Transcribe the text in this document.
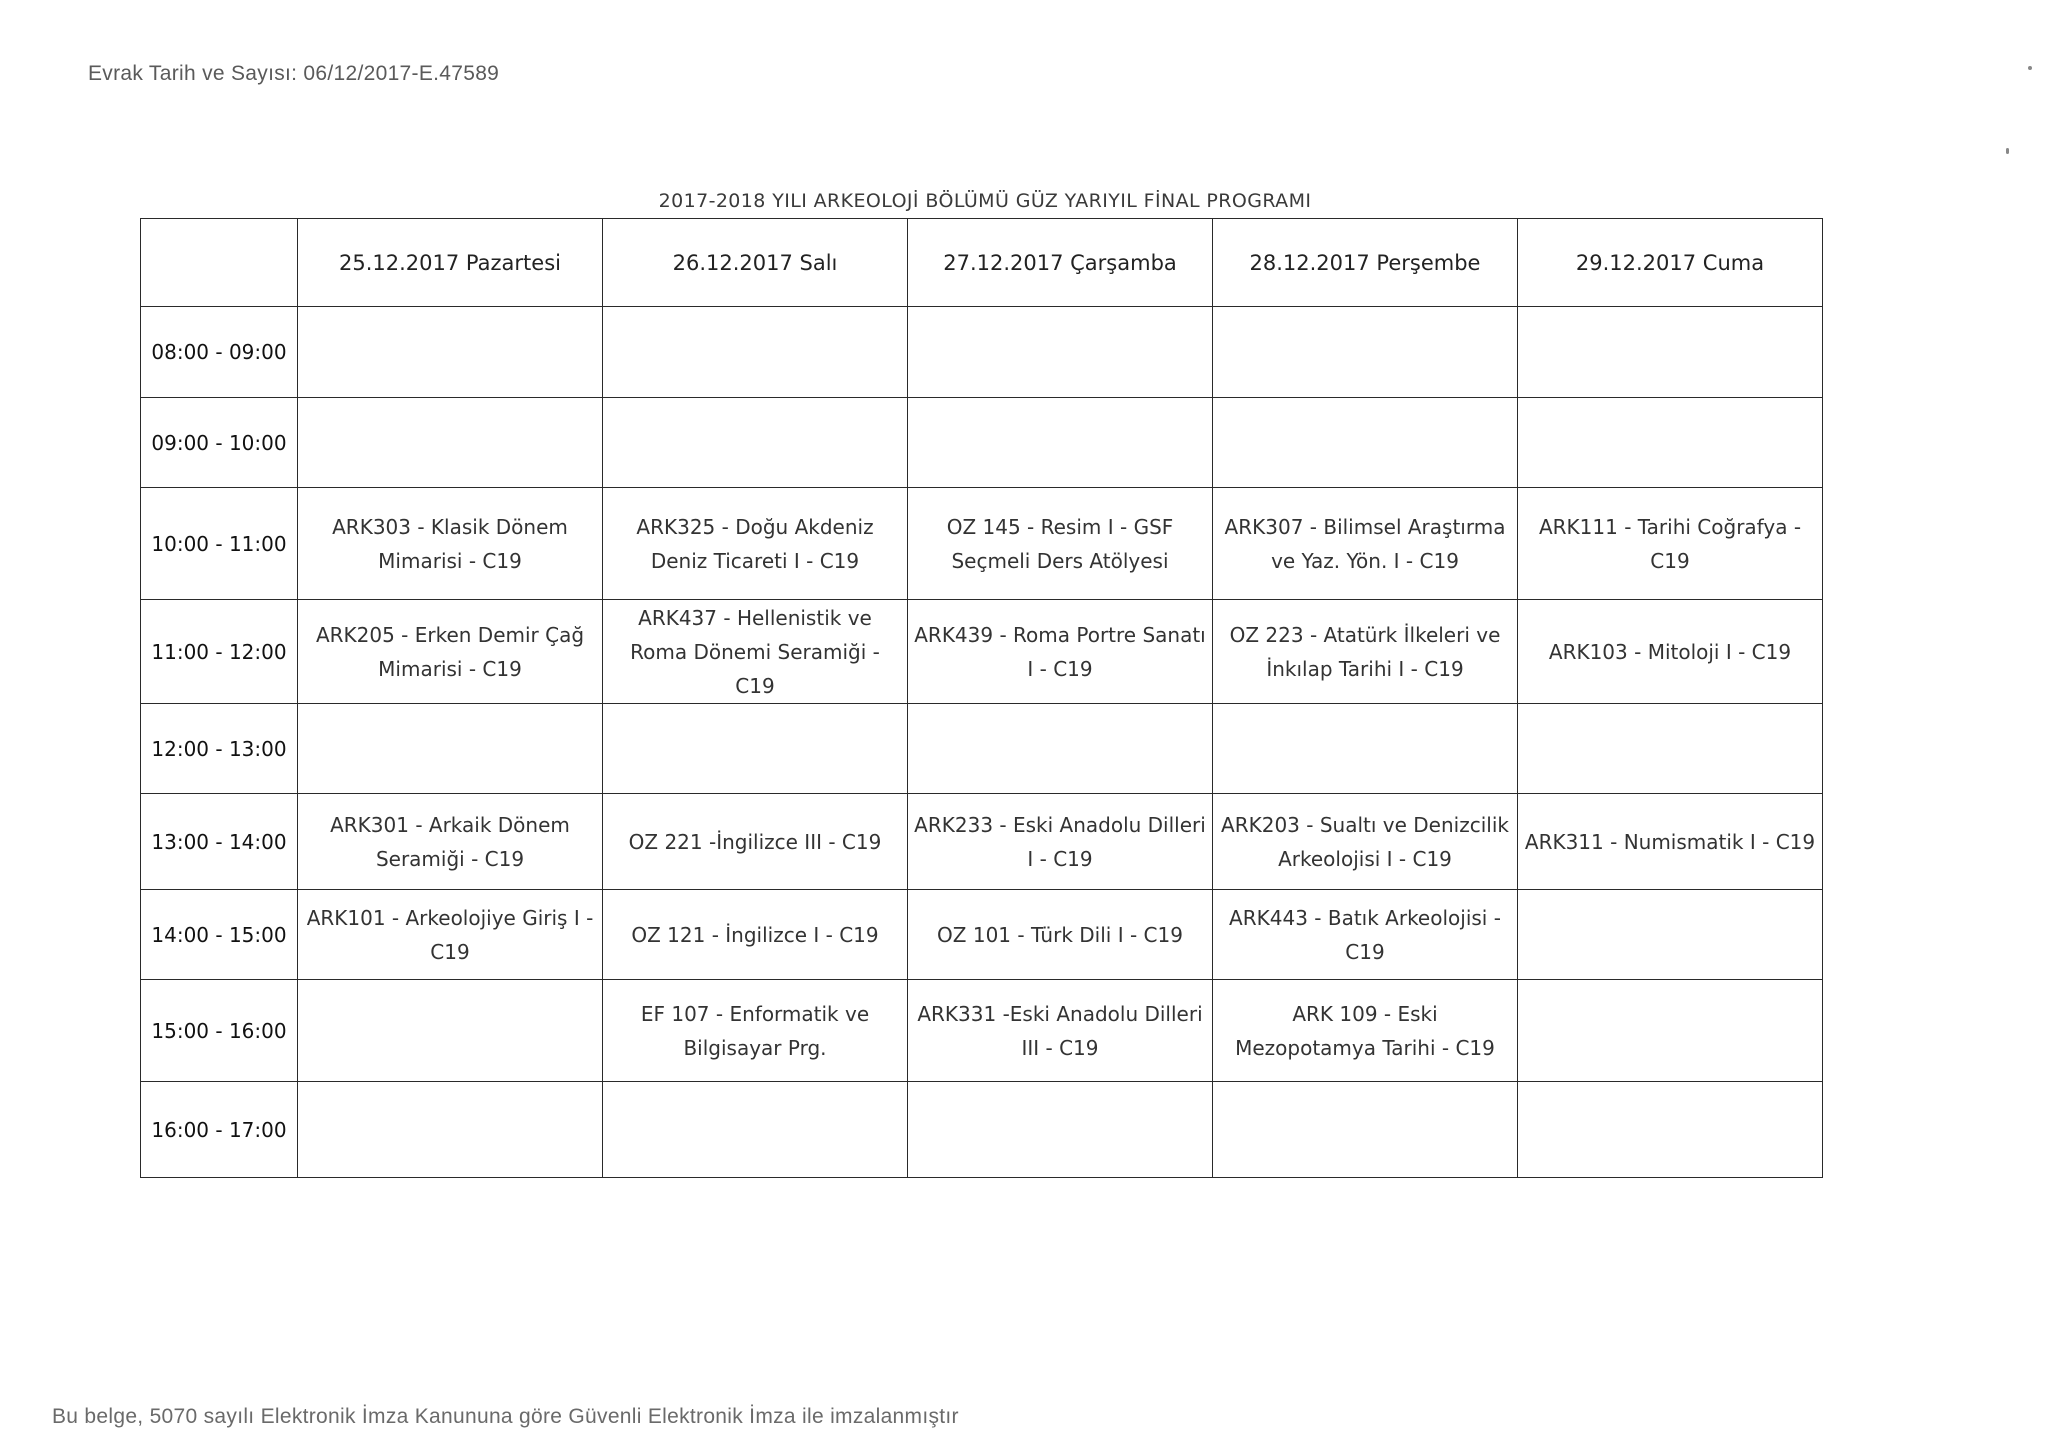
Evrak Tarih ve Sayısı: 06/12/2017-E.47589
2017-2018 YILI ARKEOLOJİ BÖLÜMÜ GÜZ YARIYIL FİNAL PROGRAMI
	25.12.2017 Pazartesi	26.12.2017 Salı	27.12.2017 Çarşamba	28.12.2017 Perşembe	29.12.2017 Cuma
08:00 - 09:00					
09:00 - 10:00					
10:00 - 11:00	ARK303 - Klasik Dönem Mimarisi - C19	ARK325 - Doğu Akdeniz Deniz Ticareti I - C19	OZ 145 - Resim I - GSF Seçmeli Ders Atölyesi	ARK307 - Bilimsel Araştırma ve Yaz. Yön. I - C19	ARK111 - Tarihi Coğrafya - C19
11:00 - 12:00	ARK205 - Erken Demir Çağ Mimarisi - C19	ARK437 - Hellenistik ve Roma Dönemi Seramiği - C19	ARK439 - Roma Portre Sanatı I - C19	OZ 223 - Atatürk İlkeleri ve İnkılap Tarihi I - C19	ARK103 - Mitoloji I - C19
12:00 - 13:00					
13:00 - 14:00	ARK301 - Arkaik Dönem Seramiği - C19	OZ 221 -İngilizce III - C19	ARK233 - Eski Anadolu Dilleri I - C19	ARK203 - Sualtı ve Denizcilik Arkeolojisi I - C19	ARK311 - Numismatik I - C19
14:00 - 15:00	ARK101 - Arkeolojiye Giriş I - C19	OZ 121 - İngilizce I - C19	OZ 101 - Türk Dili I - C19	ARK443 - Batık Arkeolojisi - C19	
15:00 - 16:00		EF 107 - Enformatik ve Bilgisayar Prg.	ARK331 -Eski Anadolu Dilleri III - C19	ARK 109 - Eski Mezopotamya Tarihi - C19	
16:00 - 17:00					
Bu belge, 5070 sayılı Elektronik İmza Kanununa göre Güvenli Elektronik İmza ile imzalanmıştır
